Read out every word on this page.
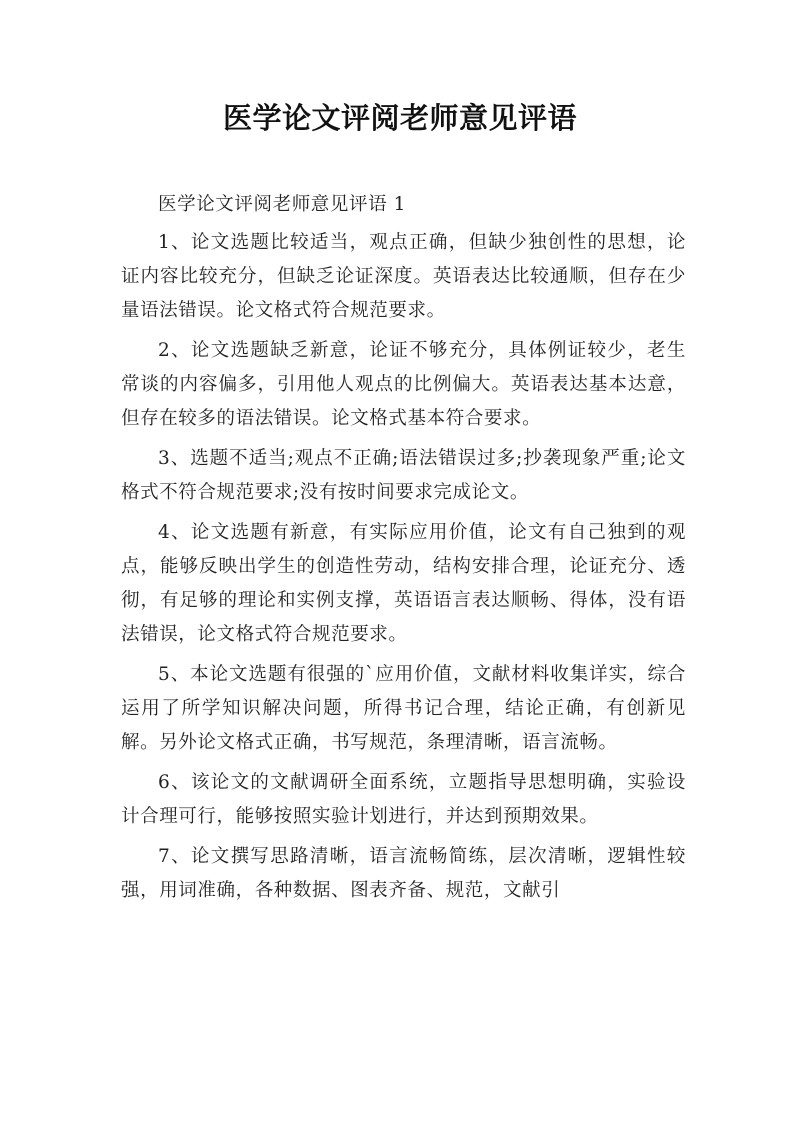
医学论文评阅老师意见评语

医学论文评阅老师意见评语 1

1、论文选题比较适当，观点正确，但缺少独创性的思想，论证内容比较充分，但缺乏论证深度。英语表达比较通顺，但存在少量语法错误。论文格式符合规范要求。

2、论文选题缺乏新意，论证不够充分，具体例证较少，老生常谈的内容偏多，引用他人观点的比例偏大。英语表达基本达意，但存在较多的语法错误。论文格式基本符合要求。

3、选题不适当;观点不正确;语法错误过多;抄袭现象严重;论文格式不符合规范要求;没有按时间要求完成论文。

4、论文选题有新意，有实际应用价值，论文有自己独到的观点，能够反映出学生的创造性劳动，结构安排合理，论证充分、透彻，有足够的理论和实例支撑，英语语言表达顺畅、得体，没有语法错误，论文格式符合规范要求。

5、本论文选题有很强的`应用价值，文献材料收集详实，综合运用了所学知识解决问题，所得书记合理，结论正确，有创新见解。另外论文格式正确，书写规范，条理清晰，语言流畅。

6、该论文的文献调研全面系统，立题指导思想明确，实验设计合理可行，能够按照实验计划进行，并达到预期效果。

7、论文撰写思路清晰，语言流畅简练，层次清晰，逻辑性较强，用词准确，各种数据、图表齐备、规范，文献引
